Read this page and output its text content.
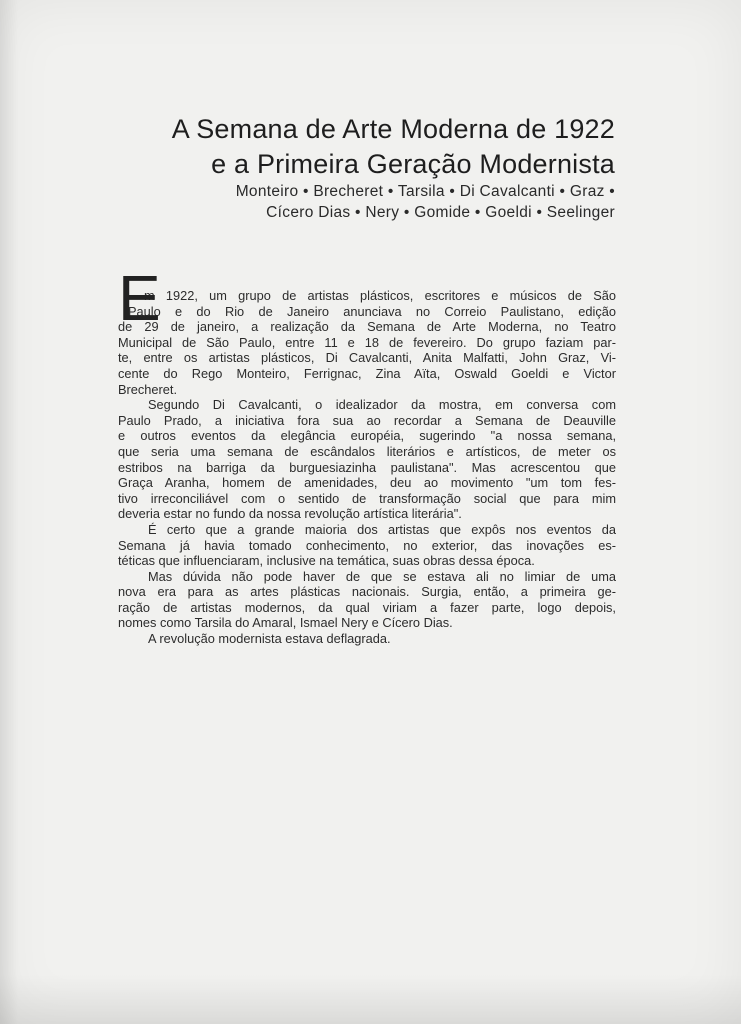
A Semana de Arte Moderna de 1922
e a Primeira Geração Modernista
Monteiro • Brecheret • Tarsila • Di Cavalcanti • Graz •
Cícero Dias • Nery • Gomide • Goeldi • Seelinger
E
m 1922, um grupo de artistas plásticos, escritores e músicos de São
Paulo e do Rio de Janeiro anunciava no Correio Paulistano, edição
de 29 de janeiro, a realização da Semana de Arte Moderna, no Teatro
Municipal de São Paulo, entre 11 e 18 de fevereiro. Do grupo faziam par-
te, entre os artistas plásticos, Di Cavalcanti, Anita Malfatti, John Graz, Vi-
cente do Rego Monteiro, Ferrignac, Zina Aïta, Oswald Goeldi e Victor
Brecheret.
Segundo Di Cavalcanti, o idealizador da mostra, em conversa com
Paulo Prado, a iniciativa fora sua ao recordar a Semana de Deauville
e outros eventos da elegância européia, sugerindo "a nossa semana,
que seria uma semana de escândalos literários e artísticos, de meter os
estribos na barriga da burguesiazinha paulistana". Mas acrescentou que
Graça Aranha, homem de amenidades, deu ao movimento "um tom fes-
tivo irreconciliável com o sentido de transformação social que para mim
deveria estar no fundo da nossa revolução artística literária".
É certo que a grande maioria dos artistas que expôs nos eventos da
Semana já havia tomado conhecimento, no exterior, das inovações es-
téticas que influenciaram, inclusive na temática, suas obras dessa época.
Mas dúvida não pode haver de que se estava ali no limiar de uma
nova era para as artes plásticas nacionais. Surgia, então, a primeira ge-
ração de artistas modernos, da qual viriam a fazer parte, logo depois,
nomes como Tarsila do Amaral, Ismael Nery e Cícero Dias.
A revolução modernista estava deflagrada.
